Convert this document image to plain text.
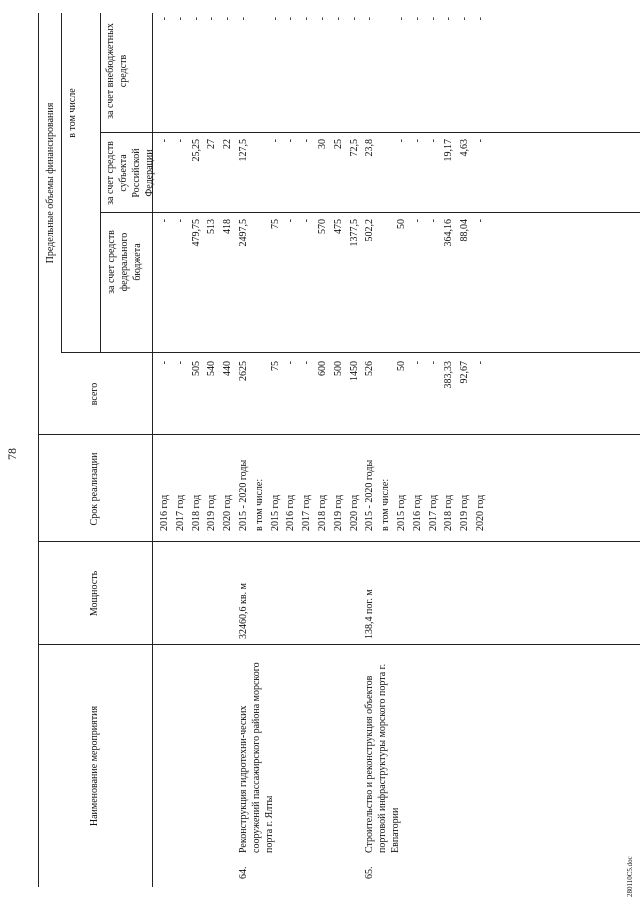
78
Наименование мероприятия
Мощность
Срок реализации
Предельные объемы финансирования
всего
в том числе
за счет средств федерального бюджета
за счет средств субъекта Российской Федерации
за счет внебюджетных средств
2016 год
-
-
-
-
2017 год
-
-
-
-
2018 год
505
479,75
25,25
-
2019 год
540
513
27
-
2020 год
440
418
22
-
64.
Реконструкция гидротехни-ческих сооружений пассажирского района морского порта г. Ялты
32460,6 кв. м
2015 - 2020 годы
2625
2497,5
127,5
-
в том числе: 2015 год
75
75
-
-
2016 год
-
-
-
-
2017 год
-
-
-
-
2018 год
600
570
30
-
2019 год
500
475
25
-
2020 год
1450
1377,5
72,5
-
65.
Строительство и реконструкция объектов портовой инфраструктуры морского порта г. Евпатории
138,4 пог. м
2015 - 2020 годы
526
502,2
23,8
-
в том числе: 2015 год
50
50
-
-
2016 год
-
-
-
-
2017 год
-
-
-
-
2018 год
383,33
364,16
19,17
-
2019 год
92,67
88,04
4,63
-
2020 год
-
-
-
-
280110C5.doc
